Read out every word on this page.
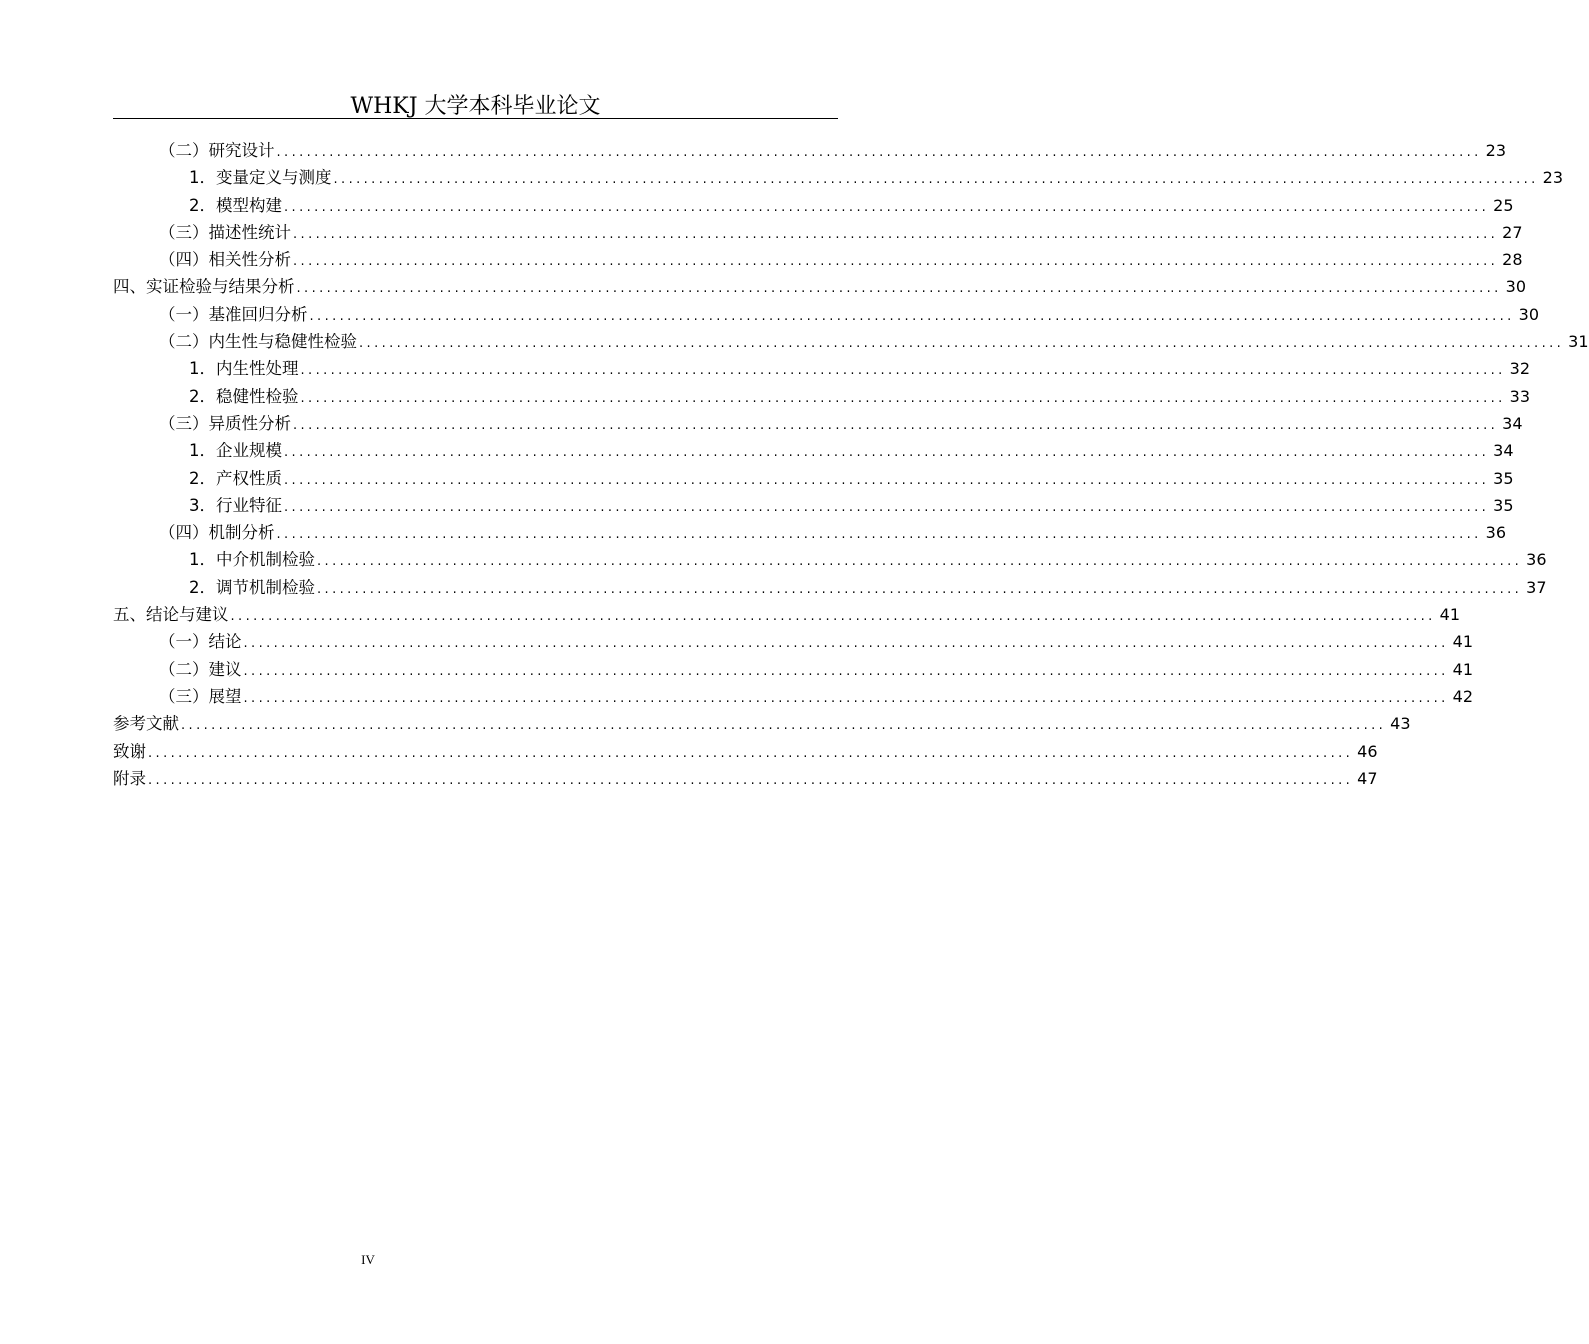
WHKJ 大学本科毕业论文
（二）研究设计 ................................................................................................................................................................ 23
1．变量定义与测度 ................................................................................................................................................................ 23
2．模型构建 ................................................................................................................................................................ 25
（三）描述性统计 ................................................................................................................................................................ 27
（四）相关性分析 ................................................................................................................................................................ 28
四、实证检验与结果分析 ................................................................................................................................................................ 30
（一）基准回归分析 ................................................................................................................................................................ 30
（二）内生性与稳健性检验 ................................................................................................................................................................ 31
1．内生性处理 ................................................................................................................................................................ 32
2．稳健性检验 ................................................................................................................................................................ 33
（三）异质性分析 ................................................................................................................................................................ 34
1．企业规模 ................................................................................................................................................................ 34
2．产权性质 ................................................................................................................................................................ 35
3．行业特征 ................................................................................................................................................................ 35
（四）机制分析 ................................................................................................................................................................ 36
1．中介机制检验 ................................................................................................................................................................ 36
2．调节机制检验 ................................................................................................................................................................ 37
五、结论与建议 ................................................................................................................................................................ 41
（一）结论 ................................................................................................................................................................ 41
（二）建议 ................................................................................................................................................................ 41
（三）展望 ................................................................................................................................................................ 42
参考文献 ................................................................................................................................................................ 43
致谢 ................................................................................................................................................................ 46
附录 ................................................................................................................................................................ 47
IV
